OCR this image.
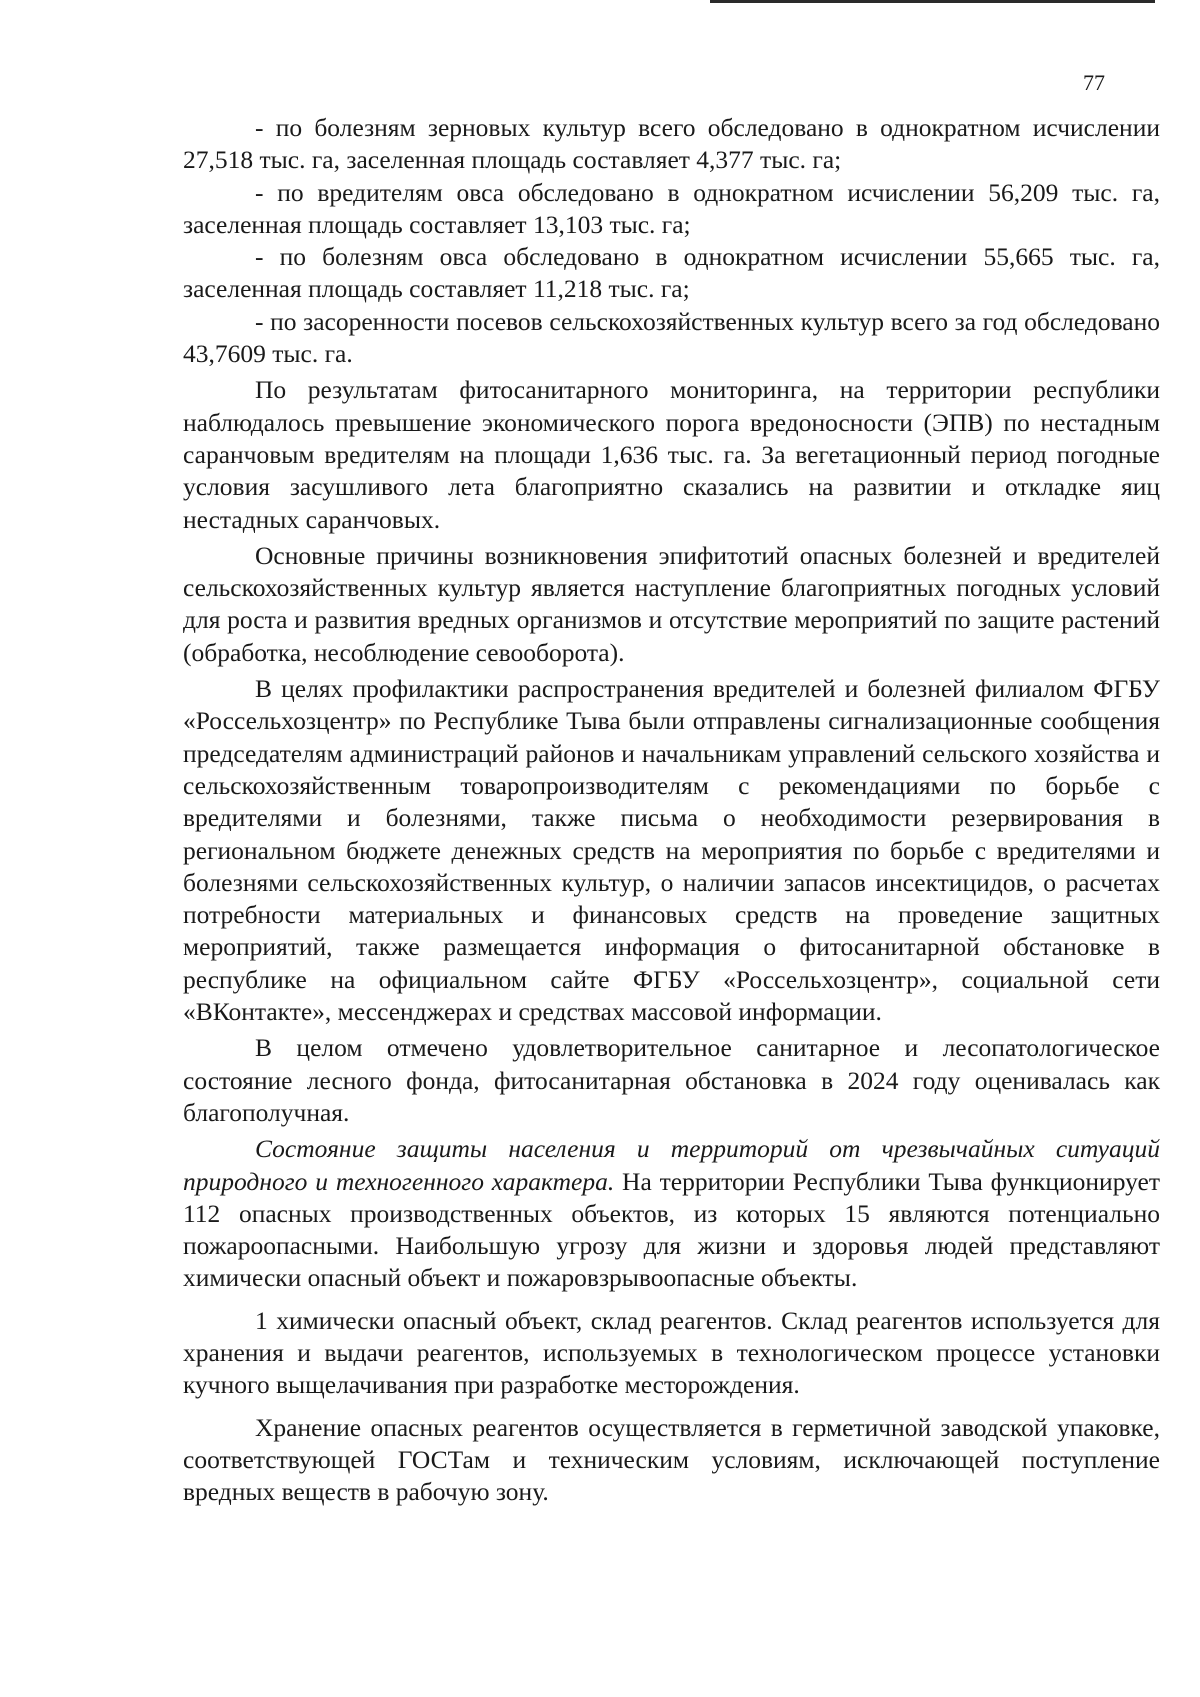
77

- по болезням зерновых культур всего обследовано в однократном исчислении 27,518 тыс. га, заселенная площадь составляет 4,377 тыс. га;

- по вредителям овса обследовано в однократном исчислении 56,209 тыс. га, заселенная площадь составляет 13,103 тыс. га;

- по болезням овса обследовано в однократном исчислении 55,665 тыс. га, заселенная площадь составляет 11,218 тыс. га;

- по засоренности посевов сельскохозяйственных культур всего за год обследовано 43,7609 тыс. га.

По результатам фитосанитарного мониторинга, на территории республики наблюдалось превышение экономического порога вредоносности (ЭПВ) по нестадным саранчовым вредителям на площади 1,636 тыс. га. За вегетационный период погодные условия засушливого лета благоприятно сказались на развитии и откладке яиц нестадных саранчовых.

Основные причины возникновения эпифитотий опасных болезней и вредителей сельскохозяйственных культур является наступление благоприятных погодных условий для роста и развития вредных организмов и отсутствие мероприятий по защите растений (обработка, несоблюдение севооборота).

В целях профилактики распространения вредителей и болезней филиалом ФГБУ «Россельхозцентр» по Республике Тыва были отправлены сигнализационные сообщения председателям администраций районов и начальникам управлений сельского хозяйства и сельскохозяйственным товаропроизводителям с рекомендациями по борьбе с вредителями и болезнями, также письма о необходимости резервирования в региональном бюджете денежных средств на мероприятия по борьбе с вредителями и болезнями сельскохозяйственных культур, о наличии запасов инсектицидов, о расчетах потребности материальных и финансовых средств на проведение защитных мероприятий, также размещается информация о фитосанитарной обстановке в республике на официальном сайте ФГБУ «Россельхозцентр», социальной сети «ВКонтакте», мессенджерах и средствах массовой информации.

В целом отмечено удовлетворительное санитарное и лесопатологическое состояние лесного фонда, фитосанитарная обстановка в 2024 году оценивалась как благополучная.

Состояние защиты населения и территорий от чрезвычайных ситуаций природного и техногенного характера. На территории Республики Тыва функционирует 112 опасных производственных объектов, из которых 15 являются потенциально пожароопасными. Наибольшую угрозу для жизни и здоровья людей представляют химически опасный объект и пожаровзрывоопасные объекты.

1 химически опасный объект, склад реагентов. Склад реагентов используется для хранения и выдачи реагентов, используемых в технологическом процессе установки кучного выщелачивания при разработке месторождения.

Хранение опасных реагентов осуществляется в герметичной заводской упаковке, соответствующей ГОСТам и техническим условиям, исключающей поступление вредных веществ в рабочую зону.
